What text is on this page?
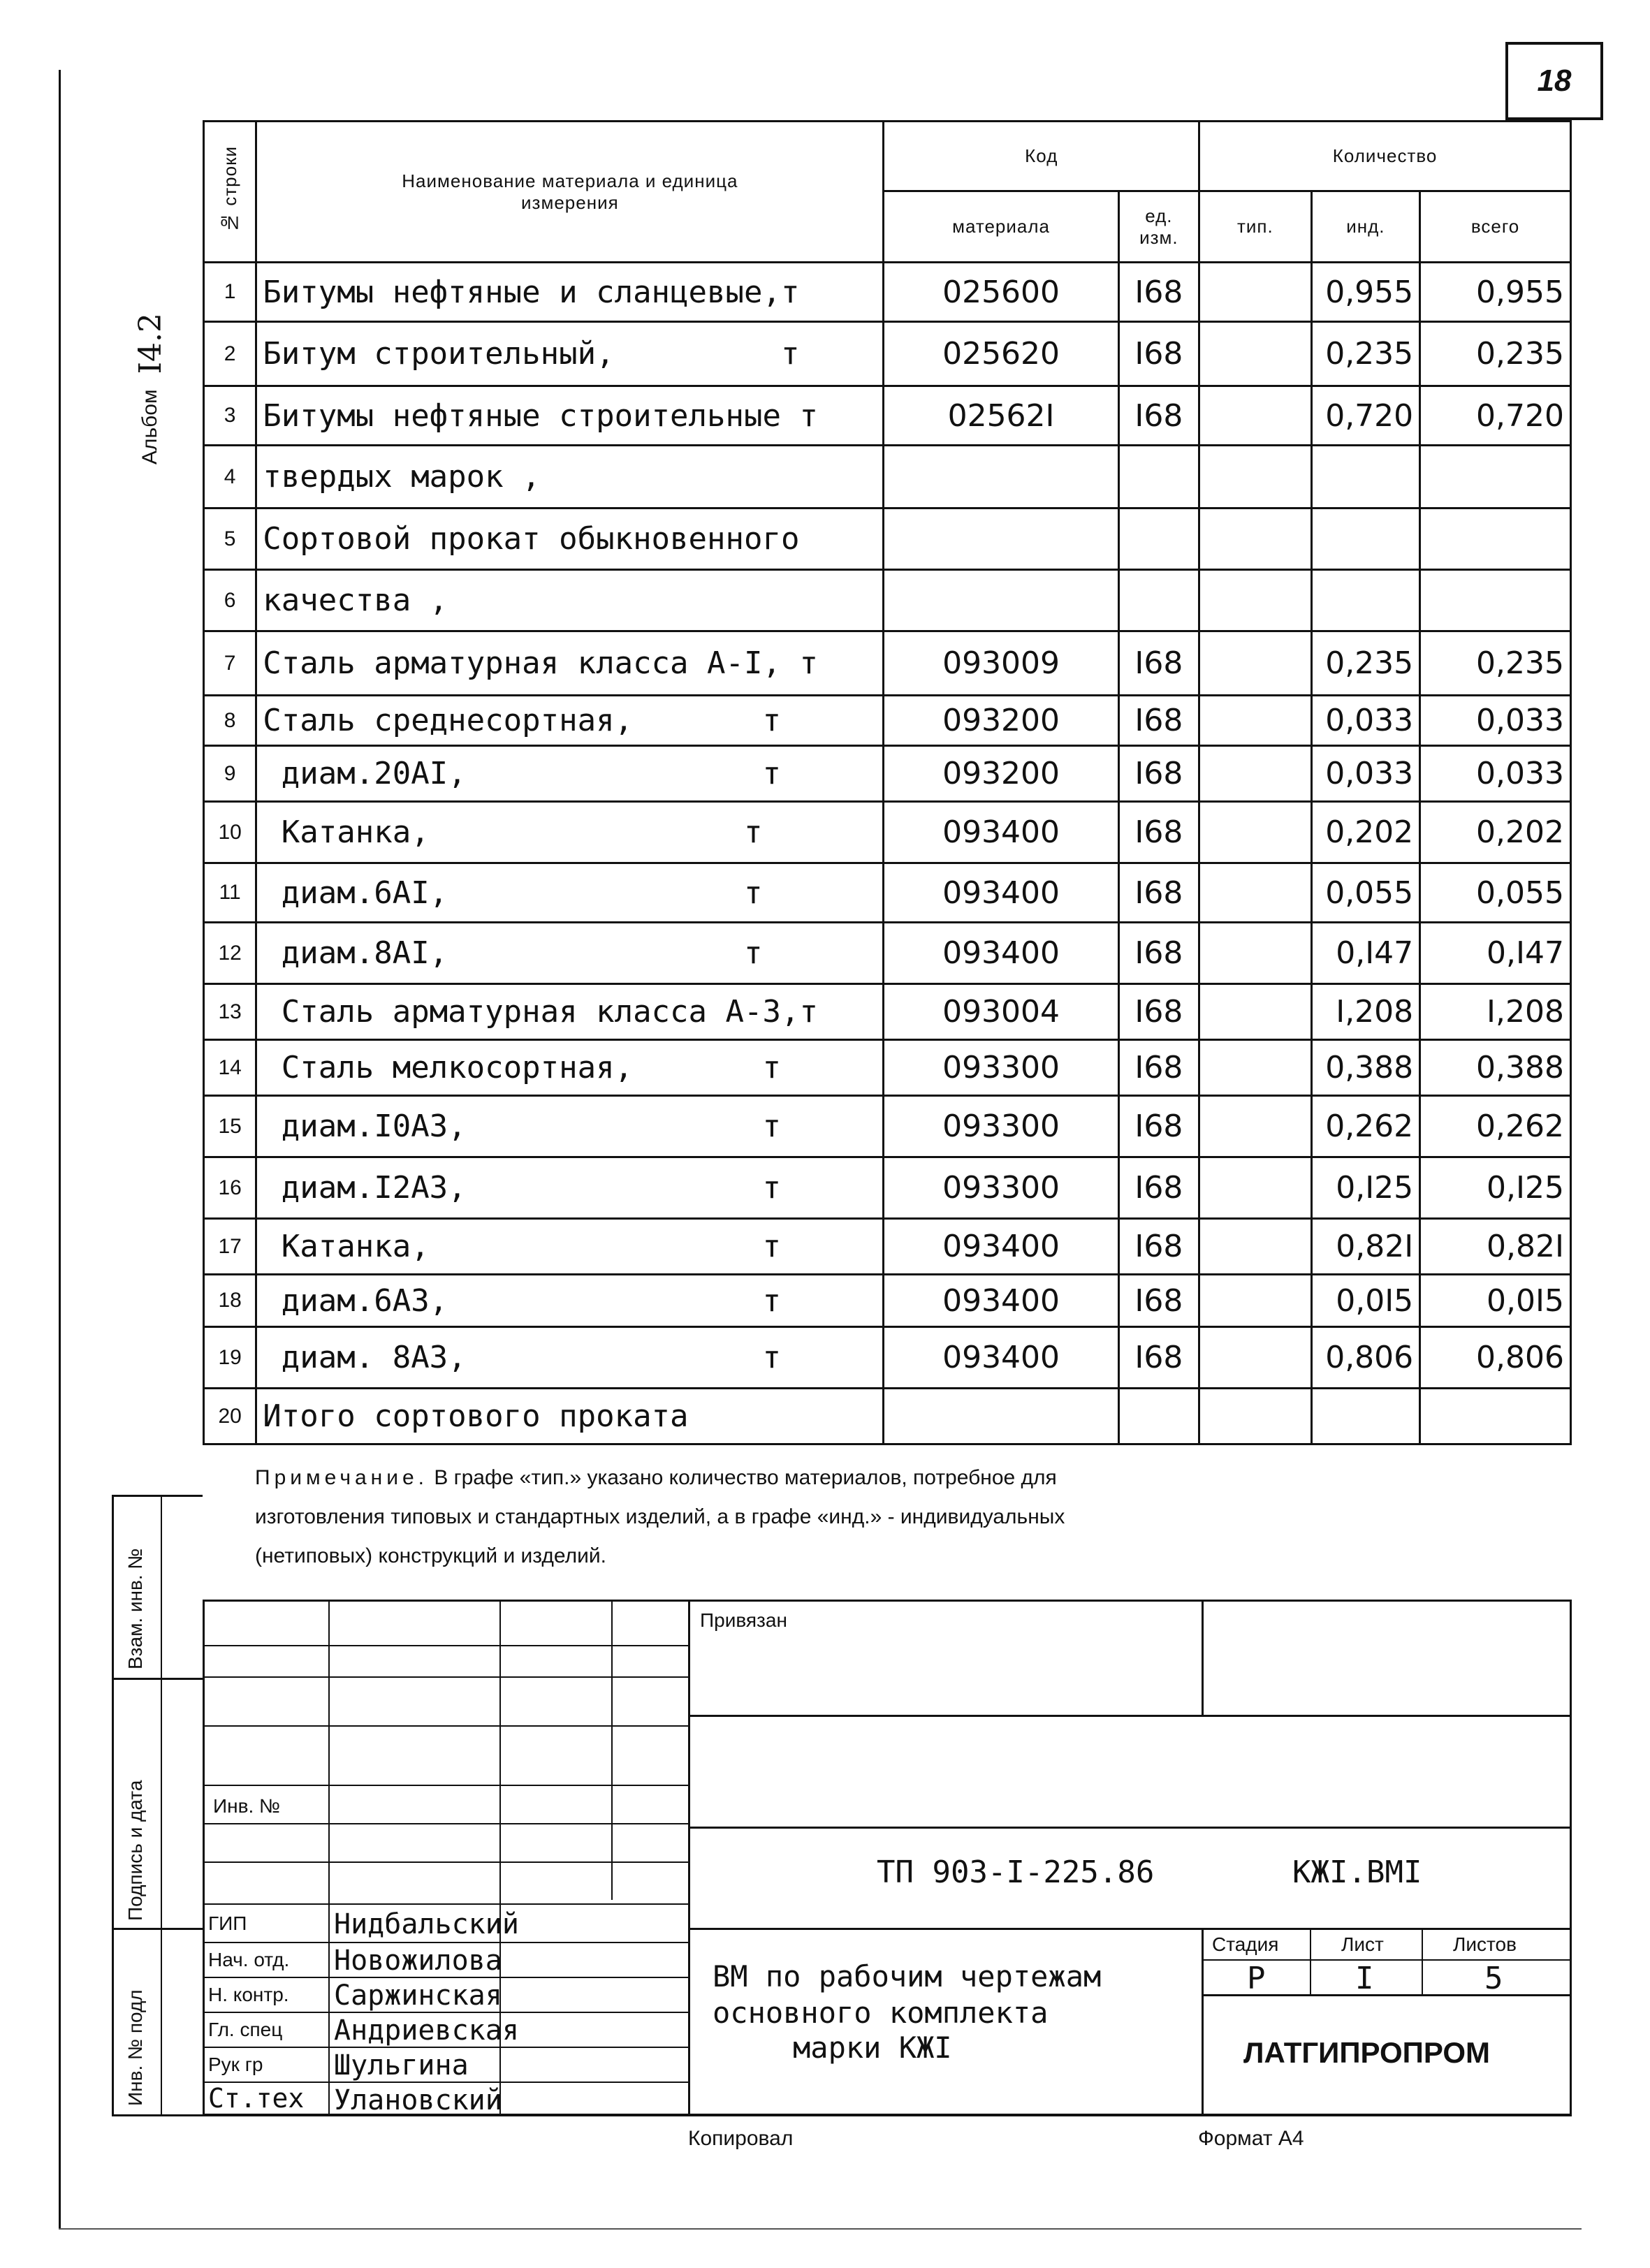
18
Альбом
I4.2
№ строки	Наименование материала и единица измерения	Код		Количество		
		материала	ед. изм.	тип.	инд.	всего
1	Битумы нефтяные и сланцевые,т	025600	I68		0,955	0,955
2	Битум строительный,         т	025620	I68		0,235	0,235
3	Битумы нефтяные строительные т	02562I	I68		0,720	0,720
4	твердых марок ,					
5	Сортовой прокат обыкновенного					
6	качества ,					
7	Сталь арматурная класса А-I, т	093009	I68		0,235	0,235
8	Сталь среднесортная,       т	093200	I68		0,033	0,033
9	диам.20АI,                т	093200	I68		0,033	0,033
10	Катанка,                 т	093400	I68		0,202	0,202
11	диам.6АI,                т	093400	I68		0,055	0,055
12	диам.8АI,                т	093400	I68		0,I47	0,I47
13	Сталь арматурная класса А-3,т	093004	I68		I,208	I,208
14	Сталь мелкосортная,       т	093300	I68		0,388	0,388
15	диам.I0А3,                т	093300	I68		0,262	0,262
16	диам.I2А3,                т	093300	I68		0,I25	0,I25
17	Катанка,                  т	093400	I68		0,82I	0,82I
18	диам.6А3,                 т	093400	I68		0,0I5	0,0I5
19	диам. 8А3,                т	093400	I68		0,806	0,806
20	Итого сортового проката					
Примечание. В графе «тип.» указано количество материалов, потребное для
изготовления типовых и стандартных изделий, а в графе «инд.» - индивидуальных
(нетиповых) конструкций и изделий.
Взам. инв. №
Подпись и дата
Инв. № подл
Привязан
Инв. №
ТП 903-I-225.86	КЖI.ВМI
ВМ по рабочим чертежам
основного комплекта
марки КЖI
Стадия	Лист	Листов
Р	I	5
ЛАТГИПРОПРОМ
ГИП	Нидбальский
Нач. отд. Новожилова
Н. контр. Саржинская
Гл. спец Андриевская
Рук гр	Шульгина
Ст.тех Улановский
Копировал	Формат А4
